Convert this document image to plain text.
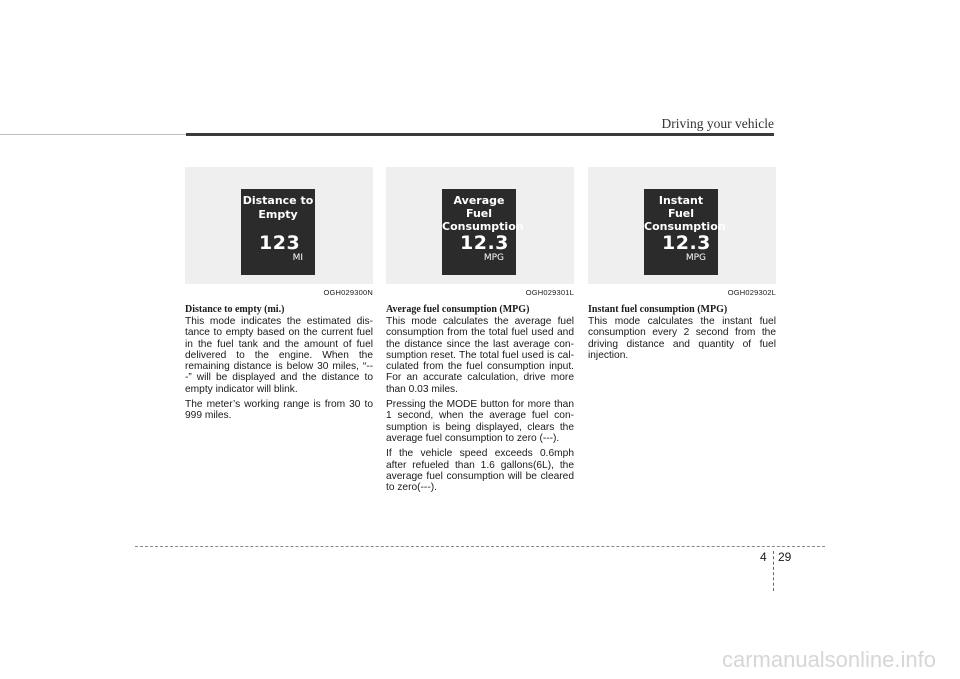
Driving your vehicle
Distance to
Empty
123
MI
OGH029300N
Distance to empty (mi.)

This mode indicates the estimated dis- tance to empty based on the current fuel in the fuel tank and the amount of fuel delivered to the engine. When the remaining distance is below 30 miles, “-- -” will be displayed and the distance to empty indicator will blink.

The meter’s working range is from 30 to 999 miles.

Average
Fuel
Consumption
12.3
MPG
OGH029301L
Average fuel consumption (MPG)

This mode calculates the average fuel consumption from the total fuel used and the distance since the last average con- sumption reset. The total fuel used is cal- culated from the fuel consumption input. For an accurate calculation, drive more than 0.03 miles.

Pressing the MODE button for more than 1 second, when the average fuel con- sumption is being displayed, clears the average fuel consumption to zero (---).

If the vehicle speed exceeds 0.6mph after refueled than 1.6 gallons(6L), the average fuel consumption will be cleared to zero(---).

Instant
Fuel
Consumption
12.3
MPG
OGH029302L
Instant fuel consumption (MPG)

This mode calculates the instant fuel consumption every 2 second from the driving distance and quantity of fuel injection.

4 29
carmanualsonline.info
